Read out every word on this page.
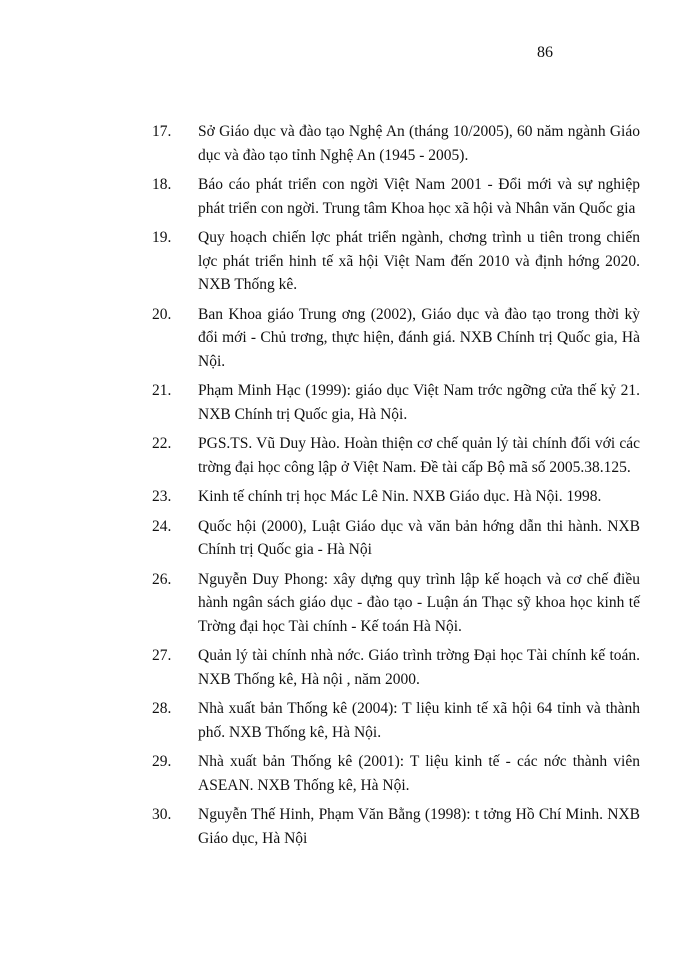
86
17.	Sở Giáo dục và đào tạo Nghệ An (tháng 10/2005), 60 năm ngành Giáo dục và đào tạo tỉnh Nghệ An (1945 - 2005).
18.	Báo cáo phát triển con ngời Việt Nam 2001 - Đổi mới và sự nghiệp phát triển con ngời. Trung tâm Khoa học xã hội và Nhân văn Quốc gia
19.	Quy hoạch chiến lợc phát triển ngành, chơng trình u tiên trong chiến lợc phát triển hinh tế xã hội Việt Nam đến 2010 và định hớng 2020. NXB Thống kê.
20.	Ban Khoa giáo Trung ơng (2002), Giáo dục và đào tạo trong thời kỳ đổi mới - Chủ trơng, thực hiện, đánh giá. NXB Chính trị Quốc gia, Hà Nội.
21.	Phạm Minh Hạc (1999): giáo dục Việt Nam trớc ngỡng cửa thế kỷ 21. NXB Chính trị Quốc gia, Hà Nội.
22.	PGS.TS. Vũ Duy Hào. Hoàn thiện cơ chế quản lý tài chính đối với các trờng đại học công lập ở Việt Nam. Đề tài cấp Bộ mã số 2005.38.125.
23.	Kinh tế chính trị học Mác Lê Nin. NXB Giáo dục. Hà Nội. 1998.
24.	Quốc hội (2000), Luật Giáo dục và văn bản hớng dẫn thi hành. NXB Chính trị Quốc gia - Hà Nội
26.	Nguyễn Duy Phong: xây dựng quy trình lập kế hoạch và cơ chế điều hành ngân sách giáo dục - đào tạo - Luận án Thạc sỹ khoa học kinh tế Trờng đại học Tài chính - Kế toán Hà Nội.
27.	Quản lý tài chính nhà nớc. Giáo trình trờng Đại học Tài chính kế toán. NXB Thống kê, Hà nội , năm 2000.
28.	Nhà xuất bản Thống kê (2004): T liệu kinh tế xã hội 64 tỉnh và thành phố. NXB Thống kê, Hà Nội.
29.	Nhà xuất bản Thống kê (2001): T liệu kinh tế - các nớc thành viên ASEAN. NXB Thống kê, Hà Nội.
30.	Nguyễn Thế Hinh, Phạm Văn Bằng (1998): t tởng Hồ Chí Minh. NXB Giáo dục, Hà Nội
